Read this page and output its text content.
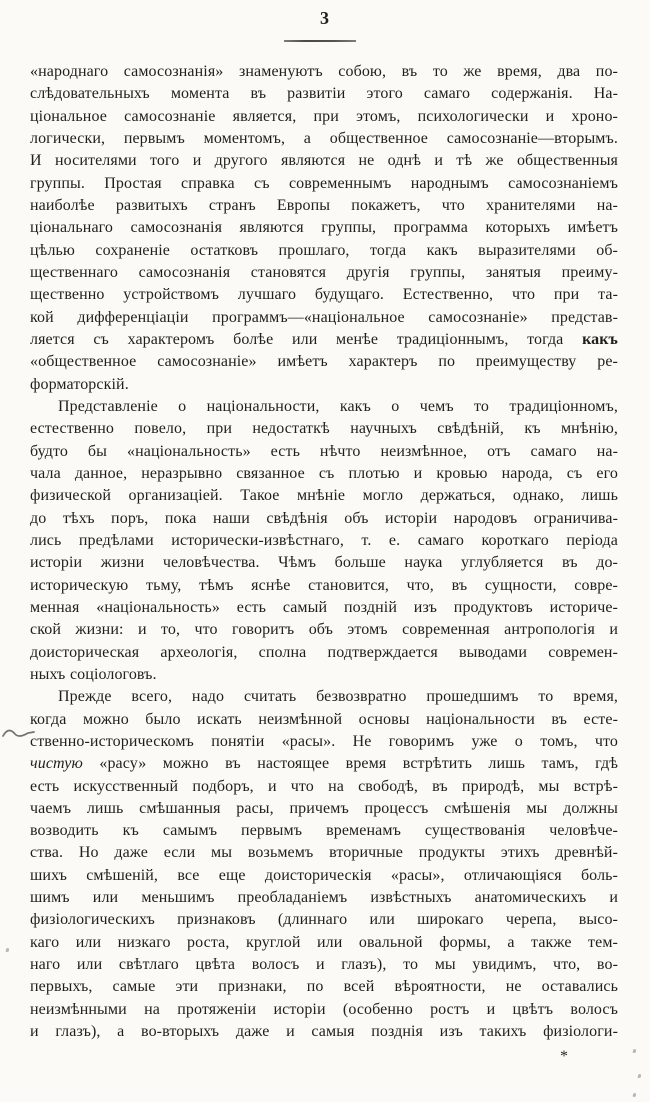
3
«народнаго самосознанія» знаменуютъ собою, въ то же время, два по-
слѣдовательныхъ момента въ развитіи этого самаго содержанія. На-
ціональное самосознаніе является, при этомъ, психологически и хроно-
логически, первымъ моментомъ, а общественное самосознаніе—вторымъ.
И носителями того и другого являются не однѣ и тѣ же общественныя
группы. Простая справка съ современнымъ народнымъ самосознаніемъ
наиболѣе развитыхъ странъ Европы покажетъ, что хранителями на-
ціональнаго самосознанія являются группы, программа которыхъ имѣетъ
цѣлью сохраненіе остатковъ прошлаго, тогда какъ выразителями об-
щественнаго самосознанія становятся другія группы, занятыя преиму-
щественно устройствомъ лучшаго будущаго. Естественно, что при та-
кой дифференціаціи программъ—«національное самосознаніе» представ-
ляется съ характеромъ болѣе или менѣе традиціоннымъ, тогда какъ
«общественное самосознаніе» имѣетъ характеръ по преимуществу ре-
форматорскій.
Представленіе о національности, какъ о чемъ то традиціонномъ,
естественно повело, при недостаткѣ научныхъ свѣдѣній, къ мнѣнію,
будто бы «національность» есть нѣчто неизмѣнное, отъ самаго на-
чала данное, неразрывно связанное съ плотью и кровью народа, съ его
физической организаціей. Такое мнѣніе могло держаться, однако, лишь
до тѣхъ поръ, пока наши свѣдѣнія объ исторіи народовъ ограничива-
лись предѣлами исторически-извѣстнаго, т. е. самаго короткаго періода
исторіи жизни человѣчества. Чѣмъ больше наука углубляется въ до-
историческую тьму, тѣмъ яснѣе становится, что, въ сущности, совре-
менная «національность» есть самый поздній изъ продуктовъ историче-
ской жизни: и то, что говоритъ объ этомъ современная антропологія и
доисторическая археологія, сполна подтверждается выводами современ-
ныхъ соціологовъ.
Прежде всего, надо считать безвозвратно прошедшимъ то время,
когда можно было искать неизмѣнной основы національности въ есте-
ственно-историческомъ понятіи «расы». Не говоримъ уже о томъ, что
чистую «расу» можно въ настоящее время встрѣтить лишь тамъ, гдѣ
есть искусственный подборъ, и что на свободѣ, въ природѣ, мы встрѣ-
чаемъ лишь смѣшанныя расы, причемъ процессъ смѣшенія мы должны
возводить къ самымъ первымъ временамъ существованія человѣче-
ства. Но даже если мы возьмемъ вторичные продукты этихъ древнѣй-
шихъ смѣшеній, все еще доисторическія «расы», отличающіяся боль-
шимъ или меньшимъ преобладаніемъ извѣстныхъ анатомическихъ и
физіологическихъ признаковъ (длиннаго или широкаго черепа, высо-
каго или низкаго роста, круглой или овальной формы, а также тем-
наго или свѣтлаго цвѣта волосъ и глазъ), то мы увидимъ, что, во-
первыхъ, самые эти признаки, по всей вѣроятности, не оставались
неизмѣнными на протяженіи исторіи (особенно ростъ и цвѣтъ волосъ
и глазъ), а во-вторыхъ даже и самыя позднія изъ такихъ физіологи-
*
